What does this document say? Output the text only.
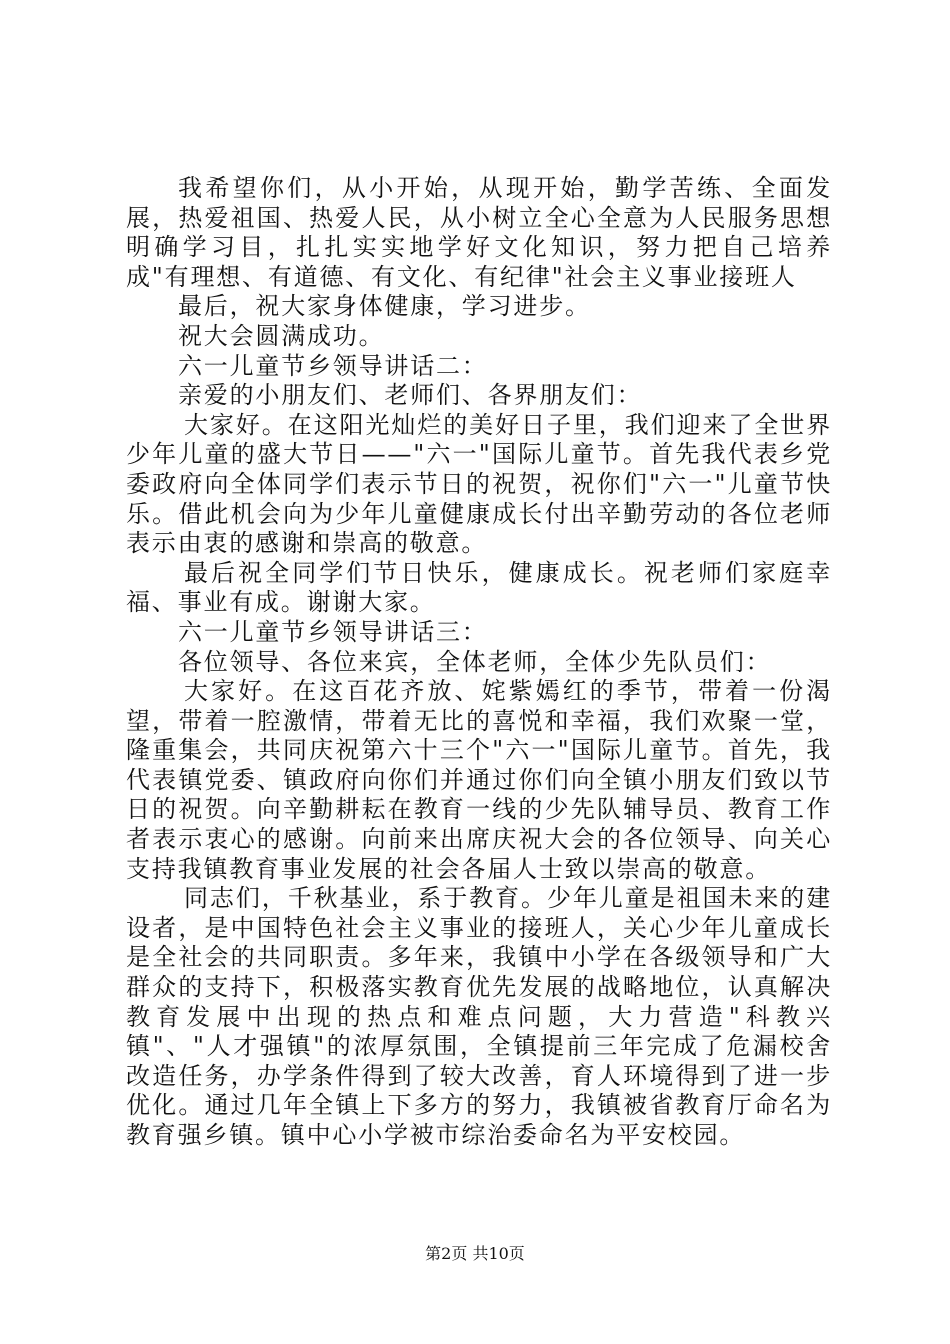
我希望你们，从小开始，从现开始，勤学苦练、全面发展，热爱祖国、热爱人民，从小树立全心全意为人民服务思想明确学习目，扎扎实实地学好文化知识，努力把自己培养成"有理想、有道德、有文化、有纪律"社会主义事业接班人

最后，祝大家身体健康，学习进步。

祝大会圆满成功。

六一儿童节乡领导讲话二：

亲爱的小朋友们、老师们、各界朋友们：

大家好。在这阳光灿烂的美好日子里，我们迎来了全世界少年儿童的盛大节日——"六一"国际儿童节。首先我代表乡党委政府向全体同学们表示节日的祝贺，祝你们"六一"儿童节快乐。借此机会向为少年儿童健康成长付出辛勤劳动的各位老师表示由衷的感谢和崇高的敬意。

最后祝全同学们节日快乐，健康成长。祝老师们家庭幸福、事业有成。谢谢大家。

六一儿童节乡领导讲话三：

各位领导、各位来宾，全体老师，全体少先队员们：

大家好。在这百花齐放、姹紫嫣红的季节，带着一份渴望，带着一腔激情，带着无比的喜悦和幸福，我们欢聚一堂，隆重集会，共同庆祝第六十三个"六一"国际儿童节。首先，我代表镇党委、镇政府向你们并通过你们向全镇小朋友们致以节日的祝贺。向辛勤耕耘在教育一线的少先队辅导员、教育工作者表示衷心的感谢。向前来出席庆祝大会的各位领导、向关心支持我镇教育事业发展的社会各届人士致以崇高的敬意。

同志们，千秋基业，系于教育。少年儿童是祖国未来的建设者，是中国特色社会主义事业的接班人，关心少年儿童成长是全社会的共同职责。多年来，我镇中小学在各级领导和广大群众的支持下，积极落实教育优先发展的战略地位，认真解决教育发展中出现的热点和难点问题，大力营造"科教兴镇"、"人才强镇"的浓厚氛围，全镇提前三年完成了危漏校舍改造任务，办学条件得到了较大改善，育人环境得到了进一步优化。通过几年全镇上下多方的努力，我镇被省教育厅命名为教育强乡镇。镇中心小学被市综治委命名为平安校园。

第2页 共10页
